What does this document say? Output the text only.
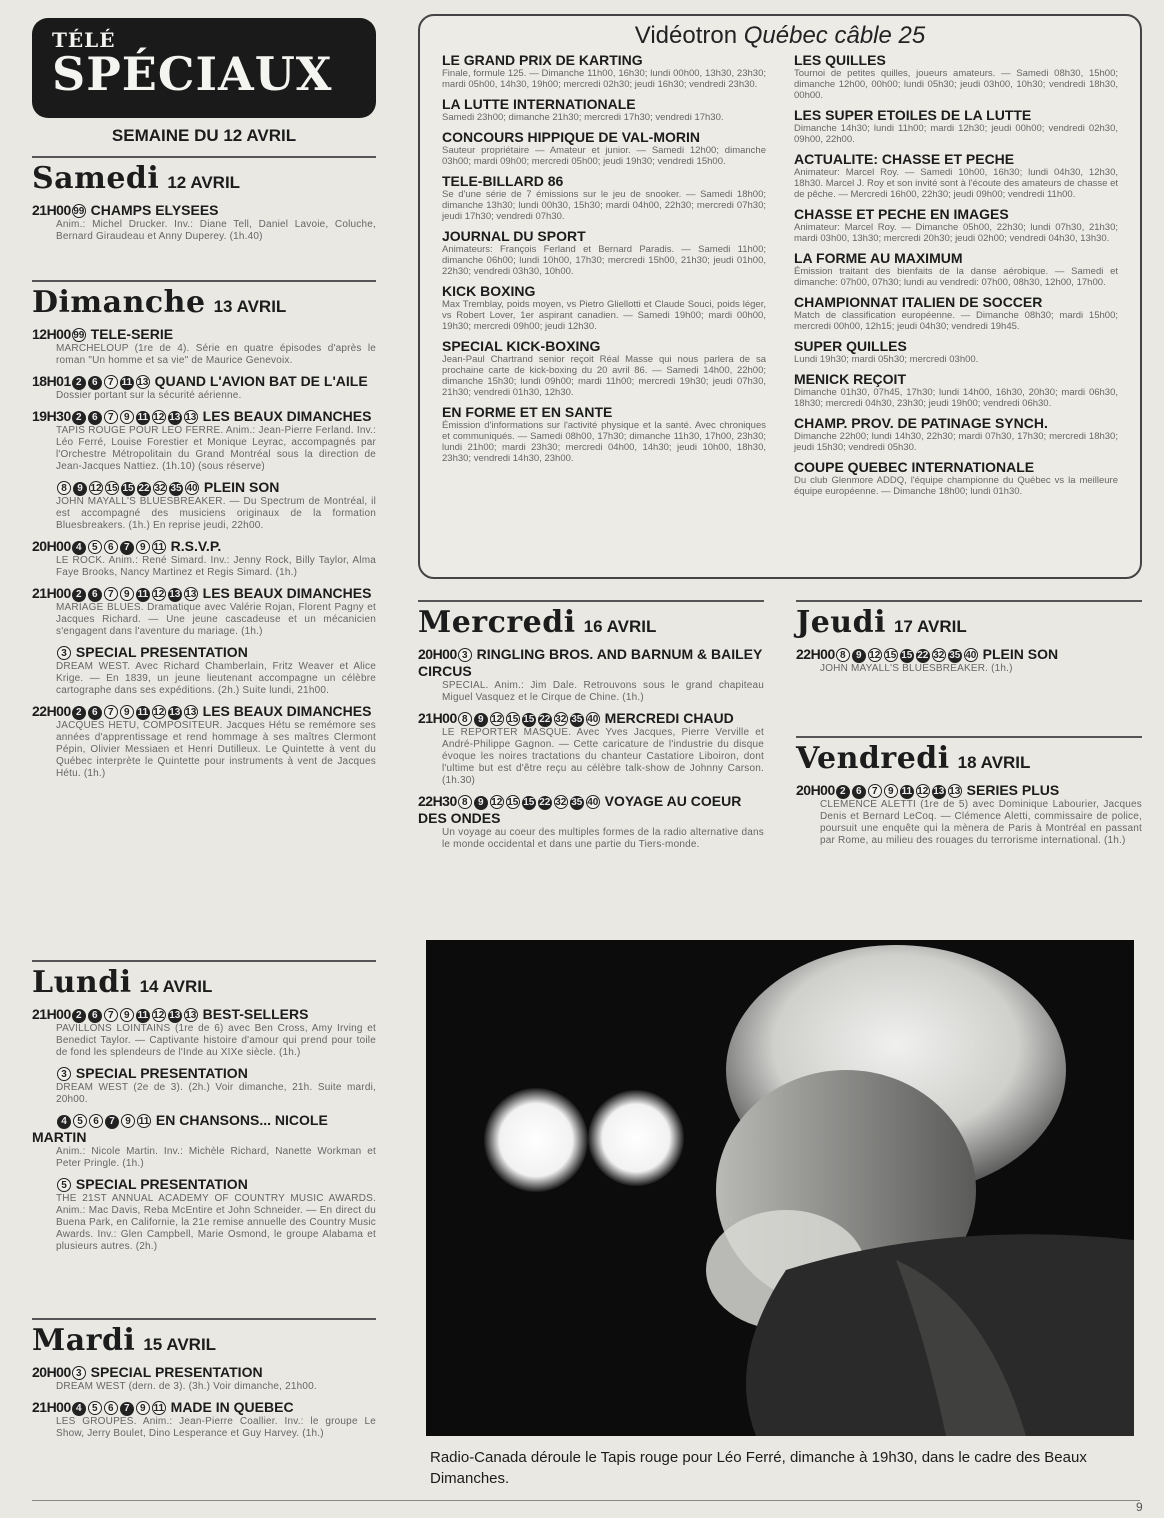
TÉLÉ
SPÉCIAUX
SEMAINE DU 12 AVRIL
Samedi 12 AVRIL
21H00 99 CHAMPS ELYSEES
Anim.: Michel Drucker. Inv.: Diane Tell, Daniel Lavoie, Coluche, Bernard Giraudeau et Anny Duperey. (1h.40)
Dimanche 13 AVRIL
12H00 99 TELE-SERIE
MARCHELOUP (1re de 4). Série en quatre épisodes d'après le roman "Un homme et sa vie" de Maurice Genevoix.
18H01 2 6 7 11 13 QUAND L'AVION BAT DE L'AILE
Dossier portant sur la sécurité aérienne.
19H30 2 6 7 9 11 12 13 13 LES BEAUX DIMANCHES
TAPIS ROUGE POUR LEO FERRE. Anim.: Jean-Pierre Ferland. Inv.: Léo Ferré, Louise Forestier et Monique Leyrac, accompagnés par l'Orchestre Métropolitain du Grand Montréal sous la direction de Jean-Jacques Nattiez. (1h.10) (sous réserve)
8 9 12 15 15 22 32 35 40 PLEIN SON
JOHN MAYALL'S BLUESBREAKER. — Du Spectrum de Montréal, il est accompagné des musiciens originaux de la formation Bluesbreakers. (1h.) En reprise jeudi, 22h00.
20H00 4 5 6 7 9 11 R.S.V.P.
LE ROCK. Anim.: René Simard. Inv.: Jenny Rock, Billy Taylor, Alma Faye Brooks, Nancy Martinez et Regis Simard. (1h.)
21H00 2 6 7 9 11 12 13 13 LES BEAUX DIMANCHES
MARIAGE BLUES. Dramatique avec Valérie Rojan, Florent Pagny et Jacques Richard. — Une jeune cascadeuse et un mécanicien s'engagent dans l'aventure du mariage. (1h.)
3 SPECIAL PRESENTATION
DREAM WEST. Avec Richard Chamberlain, Fritz Weaver et Alice Krige. — En 1839, un jeune lieutenant accompagne un célèbre cartographe dans ses expéditions. (2h.) Suite lundi, 21h00.
22H00 2 6 7 9 11 12 13 13 LES BEAUX DIMANCHES
JACQUES HETU, COMPOSITEUR. Jacques Hétu se remémore ses années d'apprentissage et rend hommage à ses maîtres Clermont Pépin, Olivier Messiaen et Henri Dutilleux. Le Quintette à vent du Québec interprète le Quintette pour instruments à vent de Jacques Hétu. (1h.)
Lundi 14 AVRIL
21H00 2 6 7 9 11 12 13 13 BEST-SELLERS
PAVILLONS LOINTAINS (1re de 6) avec Ben Cross, Amy Irving et Benedict Taylor. — Captivante histoire d'amour qui prend pour toile de fond les splendeurs de l'Inde au XIXe siècle. (1h.)
3 SPECIAL PRESENTATION
DREAM WEST (2e de 3). (2h.) Voir dimanche, 21h. Suite mardi, 20h00.
4 5 6 7 9 11 EN CHANSONS... NICOLE MARTIN
Anim.: Nicole Martin. Inv.: Michèle Richard, Nanette Workman et Peter Pringle. (1h.)
5 SPECIAL PRESENTATION
THE 21ST ANNUAL ACADEMY OF COUNTRY MUSIC AWARDS. Anim.: Mac Davis, Reba McEntire et John Schneider. — En direct du Buena Park, en Californie, la 21e remise annuelle des Country Music Awards. Inv.: Glen Campbell, Marie Osmond, le groupe Alabama et plusieurs autres. (2h.)
Mardi 15 AVRIL
20H00 3 SPECIAL PRESENTATION
DREAM WEST (dern. de 3). (3h.) Voir dimanche, 21h00.
21H00 4 5 6 7 9 11 MADE IN QUEBEC
LES GROUPES. Anim.: Jean-Pierre Coallier. Inv.: le groupe Le Show, Jerry Boulet, Dino Lesperance et Guy Harvey. (1h.)
Vidéotron Québec câble 25
LE GRAND PRIX DE KARTING
Finale, formule 125. — Dimanche 11h00, 16h30; lundi 00h00, 13h30, 23h30; mardi 05h00, 14h30, 19h00; mercredi 02h30; jeudi 16h30; vendredi 23h30.
LA LUTTE INTERNATIONALE
Samedi 23h00; dimanche 21h30; mercredi 17h30; vendredi 17h30.
CONCOURS HIPPIQUE DE VAL-MORIN
Sauteur propriétaire — Amateur et junior. — Samedi 12h00; dimanche 03h00; mardi 09h00; mercredi 05h00; jeudi 19h30; vendredi 15h00.
TELE-BILLARD 86
Se d'une série de 7 émissions sur le jeu de snooker. — Samedi 18h00; dimanche 13h30; lundi 00h30, 15h30; mardi 04h00, 22h30; mercredi 07h30; jeudi 17h30; vendredi 07h30.
JOURNAL DU SPORT
Animateurs: François Ferland et Bernard Paradis. — Samedi 11h00; dimanche 06h00; lundi 10h00, 17h30; mercredi 15h00, 21h30; jeudi 01h00, 22h30; vendredi 03h30, 10h00.
KICK BOXING
Max Tremblay, poids moyen, vs Pietro Gliellotti et Claude Souci, poids léger, vs Robert Lover, 1er aspirant canadien. — Samedi 19h00; mardi 00h00, 19h30; mercredi 09h00; jeudi 12h30.
SPECIAL KICK-BOXING
Jean-Paul Chartrand senior reçoit Réal Masse qui nous parlera de sa prochaine carte de kick-boxing du 20 avril 86. — Samedi 14h00, 22h00; dimanche 15h30; lundi 09h00; mardi 11h00; mercredi 19h30; jeudi 07h30, 21h30; vendredi 01h30, 12h30.
EN FORME ET EN SANTE
Émission d'informations sur l'activité physique et la santé. Avec chroniques et communiqués. — Samedi 08h00, 17h30; dimanche 11h30, 17h00, 23h30; lundi 21h00; mardi 23h30; mercredi 04h00, 14h30; jeudi 10h00, 18h30, 23h30; vendredi 14h30, 23h00.
LES QUILLES
Tournoi de petites quilles, joueurs amateurs. — Samedi 08h30, 15h00; dimanche 12h00, 00h00; lundi 05h30; jeudi 03h00, 10h30; vendredi 18h30, 00h00.
LES SUPER ETOILES DE LA LUTTE
Dimanche 14h30; lundi 11h00; mardi 12h30; jeudi 00h00; vendredi 02h30, 09h00, 22h00.
ACTUALITE: CHASSE ET PECHE
Animateur: Marcel Roy. — Samedi 10h00, 16h30; lundi 04h30, 12h30, 18h30. Marcel J. Roy et son invité sont à l'écoute des amateurs de chasse et de pêche. — Mercredi 16h00, 22h30; jeudi 09h00; vendredi 11h00.
CHASSE ET PECHE EN IMAGES
Animateur: Marcel Roy. — Dimanche 05h00, 22h30; lundi 07h30, 21h30; mardi 03h00, 13h30; mercredi 20h30; jeudi 02h00; vendredi 04h30, 13h30.
LA FORME AU MAXIMUM
Émission traitant des bienfaits de la danse aérobique. — Samedi et dimanche: 07h00, 07h30; lundi au vendredi: 07h00, 08h30, 12h00, 17h00.
CHAMPIONNAT ITALIEN DE SOCCER
Match de classification européenne. — Dimanche 08h30; mardi 15h00; mercredi 00h00, 12h15; jeudi 04h30; vendredi 19h45.
SUPER QUILLES
Lundi 19h30; mardi 05h30; mercredi 03h00.
MENICK REÇOIT
Dimanche 01h30, 07h45, 17h30; lundi 14h00, 16h30, 20h30; mardi 06h30, 18h30; mercredi 04h30, 23h30; jeudi 19h00; vendredi 06h30.
CHAMP. PROV. DE PATINAGE SYNCH.
Dimanche 22h00; lundi 14h30, 22h30; mardi 07h30, 17h30; mercredi 18h30; jeudi 15h30; vendredi 05h30.
COUPE QUEBEC INTERNATIONALE
Du club Glenmore ADDQ, l'équipe championne du Québec vs la meilleure équipe européenne. — Dimanche 18h00; lundi 01h30.
Mercredi 16 AVRIL
20H00 3 RINGLING BROS. AND BARNUM & BAILEY CIRCUS
SPECIAL. Anim.: Jim Dale. Retrouvons sous le grand chapiteau Miguel Vasquez et le Cirque de Chine. (1h.)
21H00 8 9 12 15 15 22 32 35 40 MERCREDI CHAUD
LE REPORTER MASQUE. Avec Yves Jacques, Pierre Verville et André-Philippe Gagnon. — Cette caricature de l'industrie du disque évoque les noires tractations du chanteur Castatiore Liboiron, dont l'ultime but est d'être reçu au célèbre talk-show de Johnny Carson. (1h.30)
22H30 8 9 12 15 15 22 32 35 40 VOYAGE AU COEUR DES ONDES
Un voyage au coeur des multiples formes de la radio alternative dans le monde occidental et dans une partie du Tiers-monde.
Jeudi 17 AVRIL
22H00 8 9 12 15 15 22 32 35 40 PLEIN SON
JOHN MAYALL'S BLUESBREAKER. (1h.)
Vendredi 18 AVRIL
20H00 2 6 7 9 11 12 13 13 SERIES PLUS
CLEMENCE ALETTI (1re de 5) avec Dominique Labourier, Jacques Denis et Bernard LeCoq. — Clémence Aletti, commissaire de police, poursuit une enquête qui la mènera de Paris à Montréal en passant par Rome, au milieu des rouages du terrorisme international. (1h.)
Radio-Canada déroule le Tapis rouge pour Léo Ferré, dimanche à 19h30, dans le cadre des Beaux Dimanches.
9
